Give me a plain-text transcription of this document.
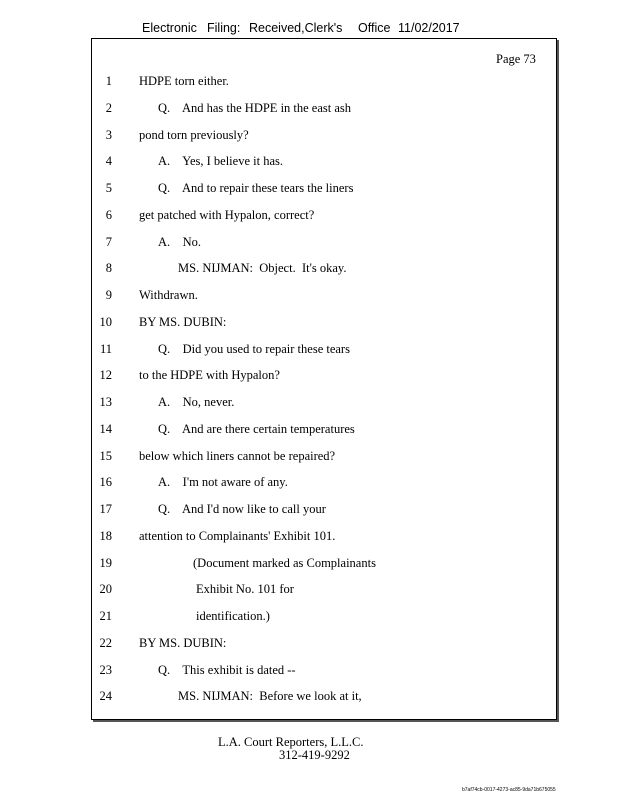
Electronic Filing: Received,Clerk's Office 11/02/2017
Page 73
1 HDPE torn either.
2	Q.    And has the HDPE in the east ash
3 pond torn previously?
4	A.    Yes, I believe it has.
5	Q.    And to repair these tears the liners
6 get patched with Hypalon, correct?
7	A.    No.
8	MS. NIJMAN:  Object.  It's okay.
9 Withdrawn.
10 BY MS. DUBIN:
11	Q.    Did you used to repair these tears
12 to the HDPE with Hypalon?
13	A.    No, never.
14	Q.    And are there certain temperatures
15 below which liners cannot be repaired?
16	A.    I'm not aware of any.
17	Q.    And I'd now like to call your
18 attention to Complainants' Exhibit 101.
19	(Document marked as Complainants
20	Exhibit No. 101 for
21	identification.)
22 BY MS. DUBIN:
23	Q.    This exhibit is dated --
24	MS. NIJMAN:  Before we look at it,
L.A. Court Reporters, L.L.C.
312-419-9292
b7af74cb-0017-4273-ac85-9da71b675055
